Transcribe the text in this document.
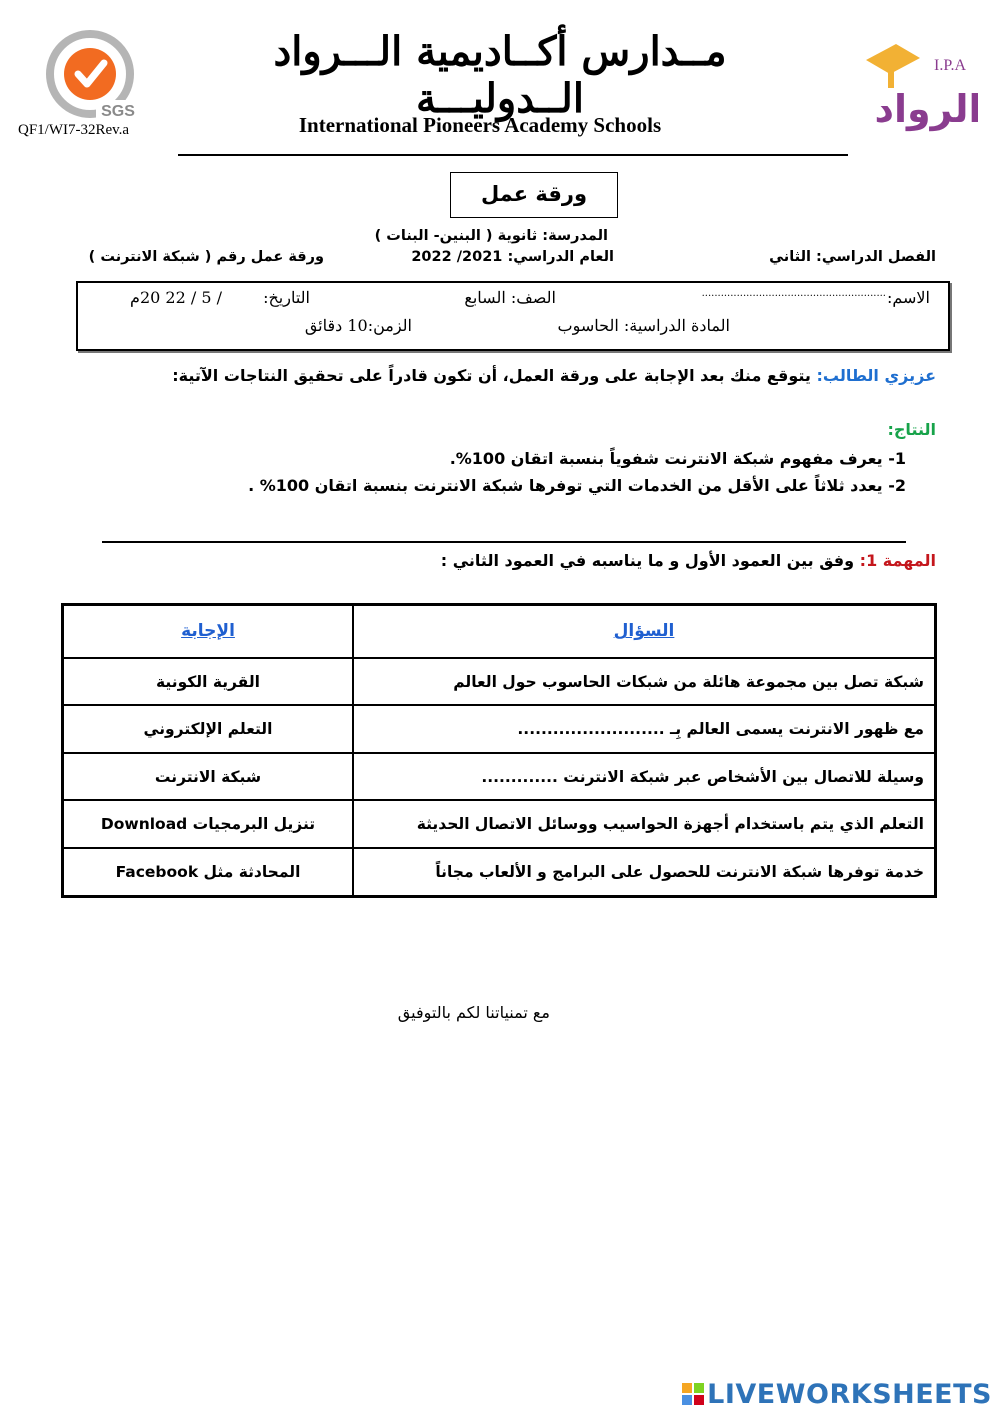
SGS
QF1/WI7-32Rev.a
مــدارس أكــاديمية الـــرواد الــدوليـــة
International Pioneers Academy Schools
I.P.A
الرواد
ورقة عمل
المدرسة: ثانوية ( البنين- البنات )
الفصل الدراسي: الثاني
العام الدراسي: 2021/ 2022
ورقة عمل رقم ( شبكة الانترنت )
الاسم:
..........................................................
الصف: السابع
التاريخ:
/ 5 / 22 20م
المادة الدراسية: الحاسوب
الزمن:10 دقائق
عزيزي الطالب: يتوقع منك بعد الإجابة على ورقة العمل، أن تكون قادراً على تحقيق النتاجات الآتية:
النتاج:
1- يعرف مفهوم شبكة الانترنت شفوياً بنسبة اتقان 100%.
2- يعدد ثلاثاً على الأقل من الخدمات التي توفرها شبكة الانترنت بنسبة اتقان 100% .
المهمة 1: وفق بين العمود الأول و ما يناسبه في العمود الثاني :
السؤال	الإجابة
شبكة تصل بين مجموعة هائلة من شبكات الحاسوب حول العالم	القرية الكونية
مع ظهور الانترنت يسمى العالم بِـ .........................	التعلم الإلكتروني
وسيلة للاتصال بين الأشخاص عبر شبكة الانترنت .............	شبكة الانترنت
التعلم الذي يتم باستخدام أجهزة الحواسيب ووسائل الاتصال الحديثة	تنزيل البرمجيات Download
خدمة توفرها شبكة الانترنت للحصول على البرامج و الألعاب مجاناً	المحادثة مثل Facebook
مع تمنياتنا لكم بالتوفيق
LIVEWORKSHEETS
